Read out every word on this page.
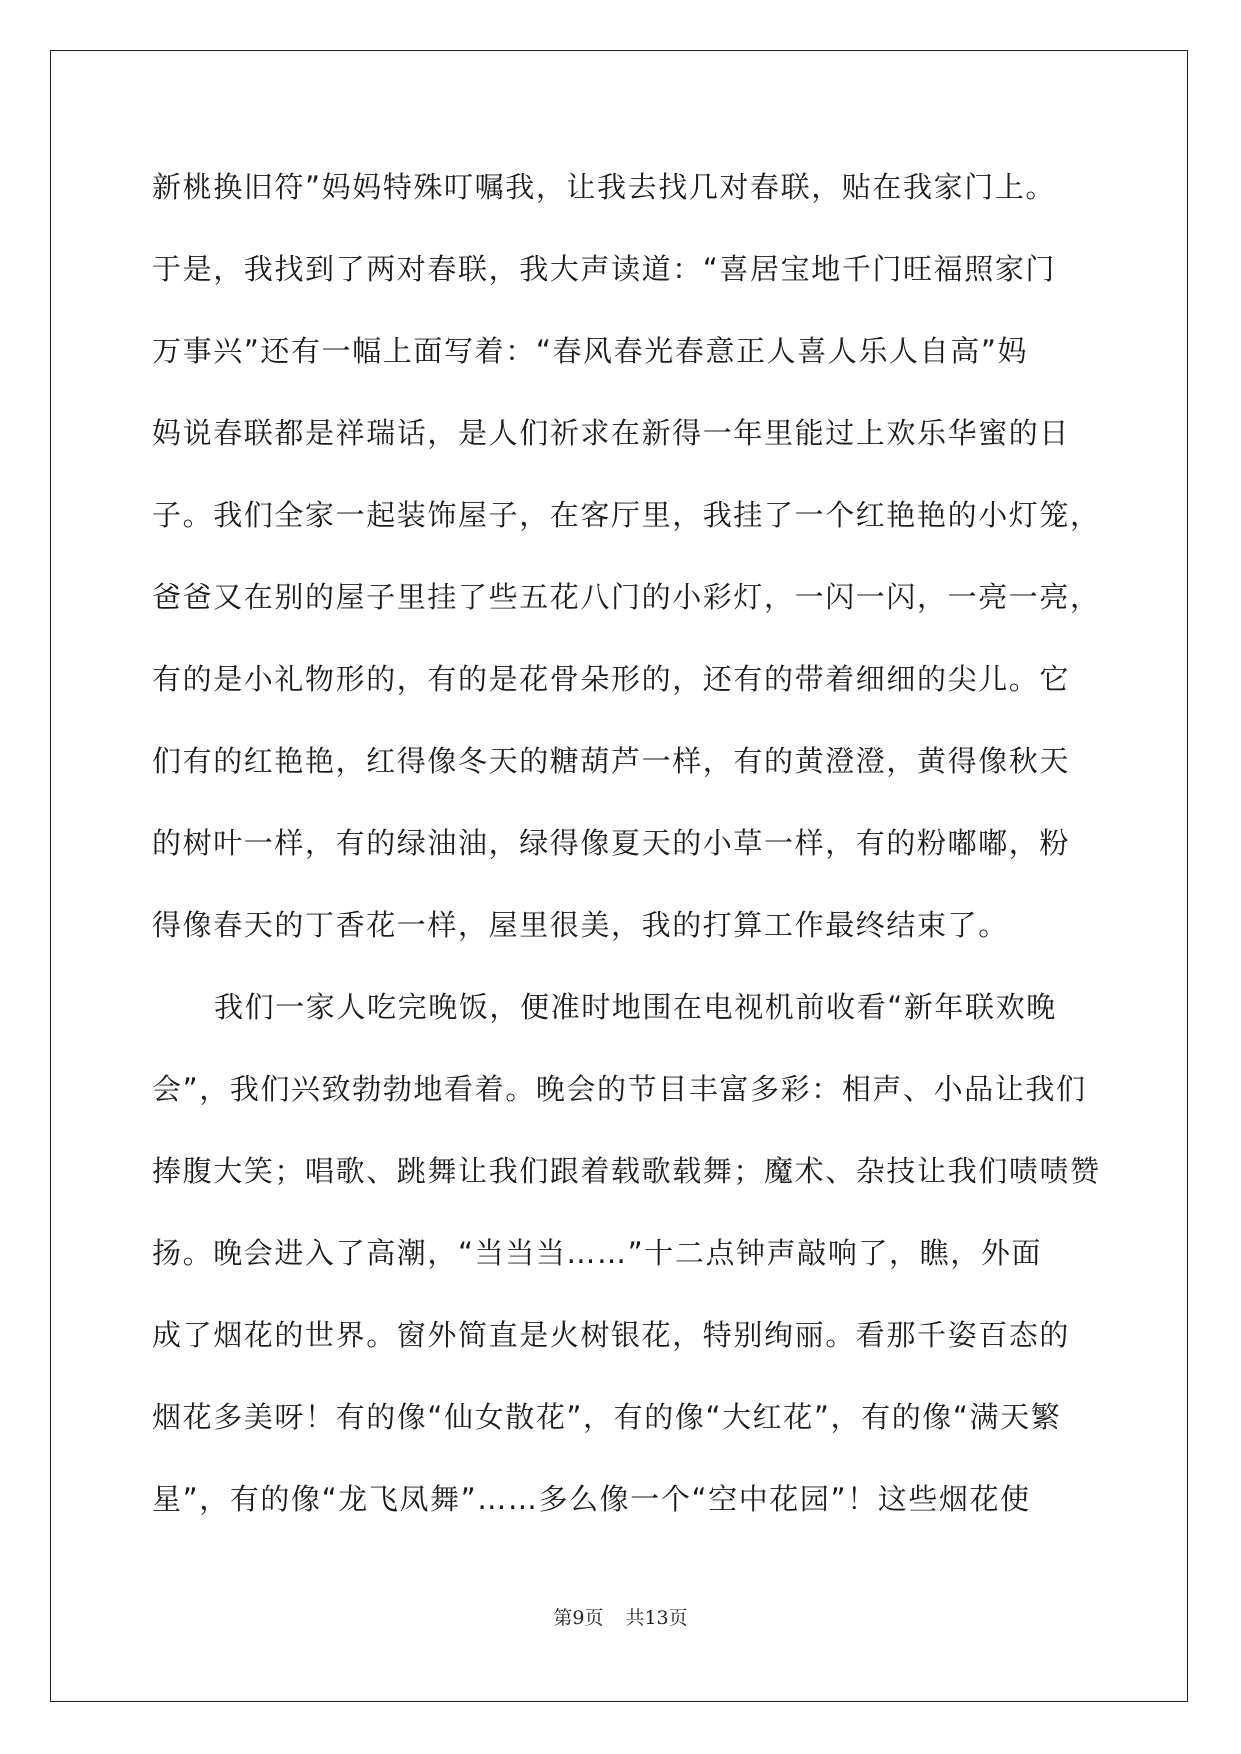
新桃换旧符”妈妈特殊叮嘱我，让我去找几对春联，贴在我家门上。
于是，我找到了两对春联，我大声读道：“喜居宝地千门旺福照家门
万事兴”还有一幅上面写着：“春风春光春意正人喜人乐人自高”妈
妈说春联都是祥瑞话，是人们祈求在新得一年里能过上欢乐华蜜的日
子。我们全家一起装饰屋子，在客厅里，我挂了一个红艳艳的小灯笼，
爸爸又在别的屋子里挂了些五花八门的小彩灯，一闪一闪，一亮一亮，
有的是小礼物形的，有的是花骨朵形的，还有的带着细细的尖儿。它
们有的红艳艳，红得像冬天的糖葫芦一样，有的黄澄澄，黄得像秋天
的树叶一样，有的绿油油，绿得像夏天的小草一样，有的粉嘟嘟，粉
得像春天的丁香花一样，屋里很美，我的打算工作最终结束了。
我们一家人吃完晚饭，便准时地围在电视机前收看“新年联欢晚
会”，我们兴致勃勃地看着。晚会的节目丰富多彩：相声、小品让我们
捧腹大笑；唱歌、跳舞让我们跟着载歌载舞；魔术、杂技让我们啧啧赞
扬。晚会进入了高潮，“当当当……”十二点钟声敲响了，瞧，外面
成了烟花的世界。窗外简直是火树银花，特别绚丽。看那千姿百态的
烟花多美呀！有的像“仙女散花”，有的像“大红花”，有的像“满天繁
星”，有的像“龙飞凤舞”……多么像一个“空中花园”！这些烟花使
第9页 共13页
